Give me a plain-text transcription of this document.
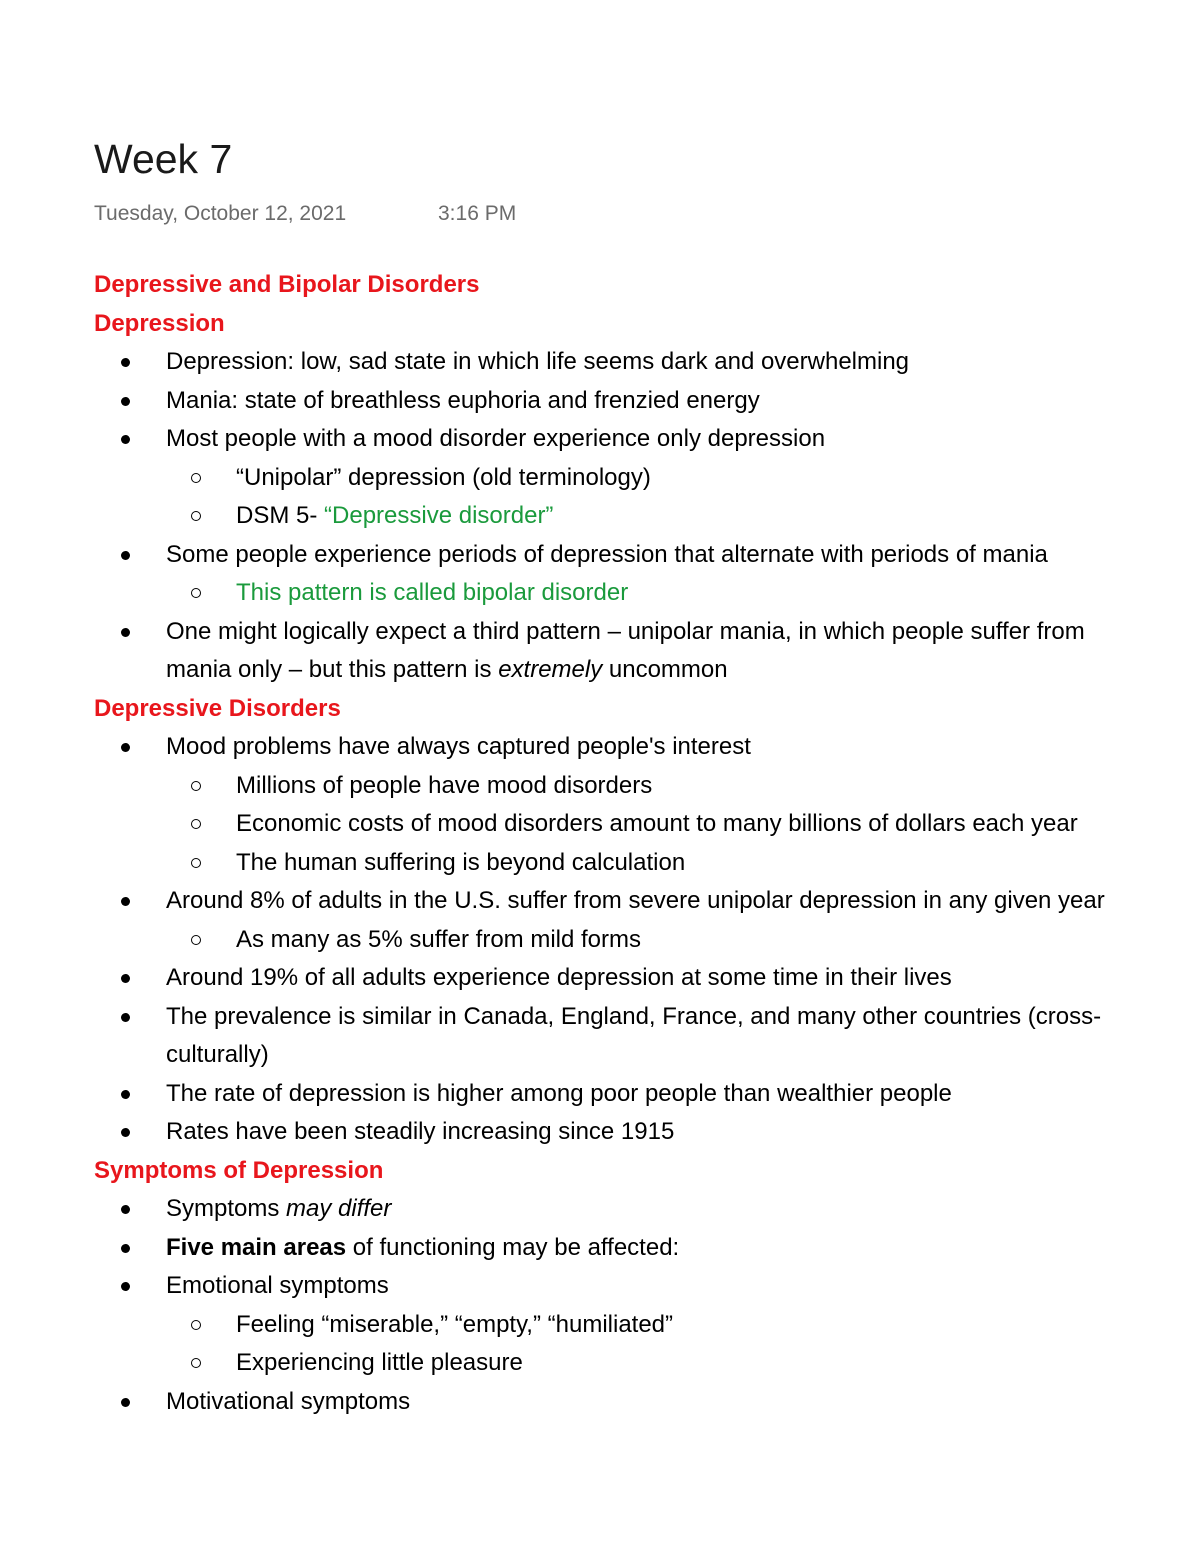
Week 7
Tuesday, October 12, 2021	3:16 PM
Depressive and Bipolar Disorders
Depression
Depression: low, sad state in which life seems dark and overwhelming
Mania: state of breathless euphoria and frenzied energy
Most people with a mood disorder experience only depression
“Unipolar” depression (old terminology)
DSM 5- “Depressive disorder”
Some people experience periods of depression that alternate with periods of mania
This pattern is called bipolar disorder
One might logically expect a third pattern – unipolar mania, in which people suffer from
mania only – but this pattern is extremely uncommon
Depressive Disorders
Mood problems have always captured people's interest
Millions of people have mood disorders
Economic costs of mood disorders amount to many billions of dollars each year
The human suffering is beyond calculation
Around 8% of adults in the U.S. suffer from severe unipolar depression in any given year
As many as 5% suffer from mild forms
Around 19% of all adults experience depression at some time in their lives
The prevalence is similar in Canada, England, France, and many other countries (cross-
culturally)
The rate of depression is higher among poor people than wealthier people
Rates have been steadily increasing since 1915
Symptoms of Depression
Symptoms may differ
Five main areas of functioning may be affected:
Emotional symptoms
Feeling “miserable,” “empty,” “humiliated”
Experiencing little pleasure
Motivational symptoms
